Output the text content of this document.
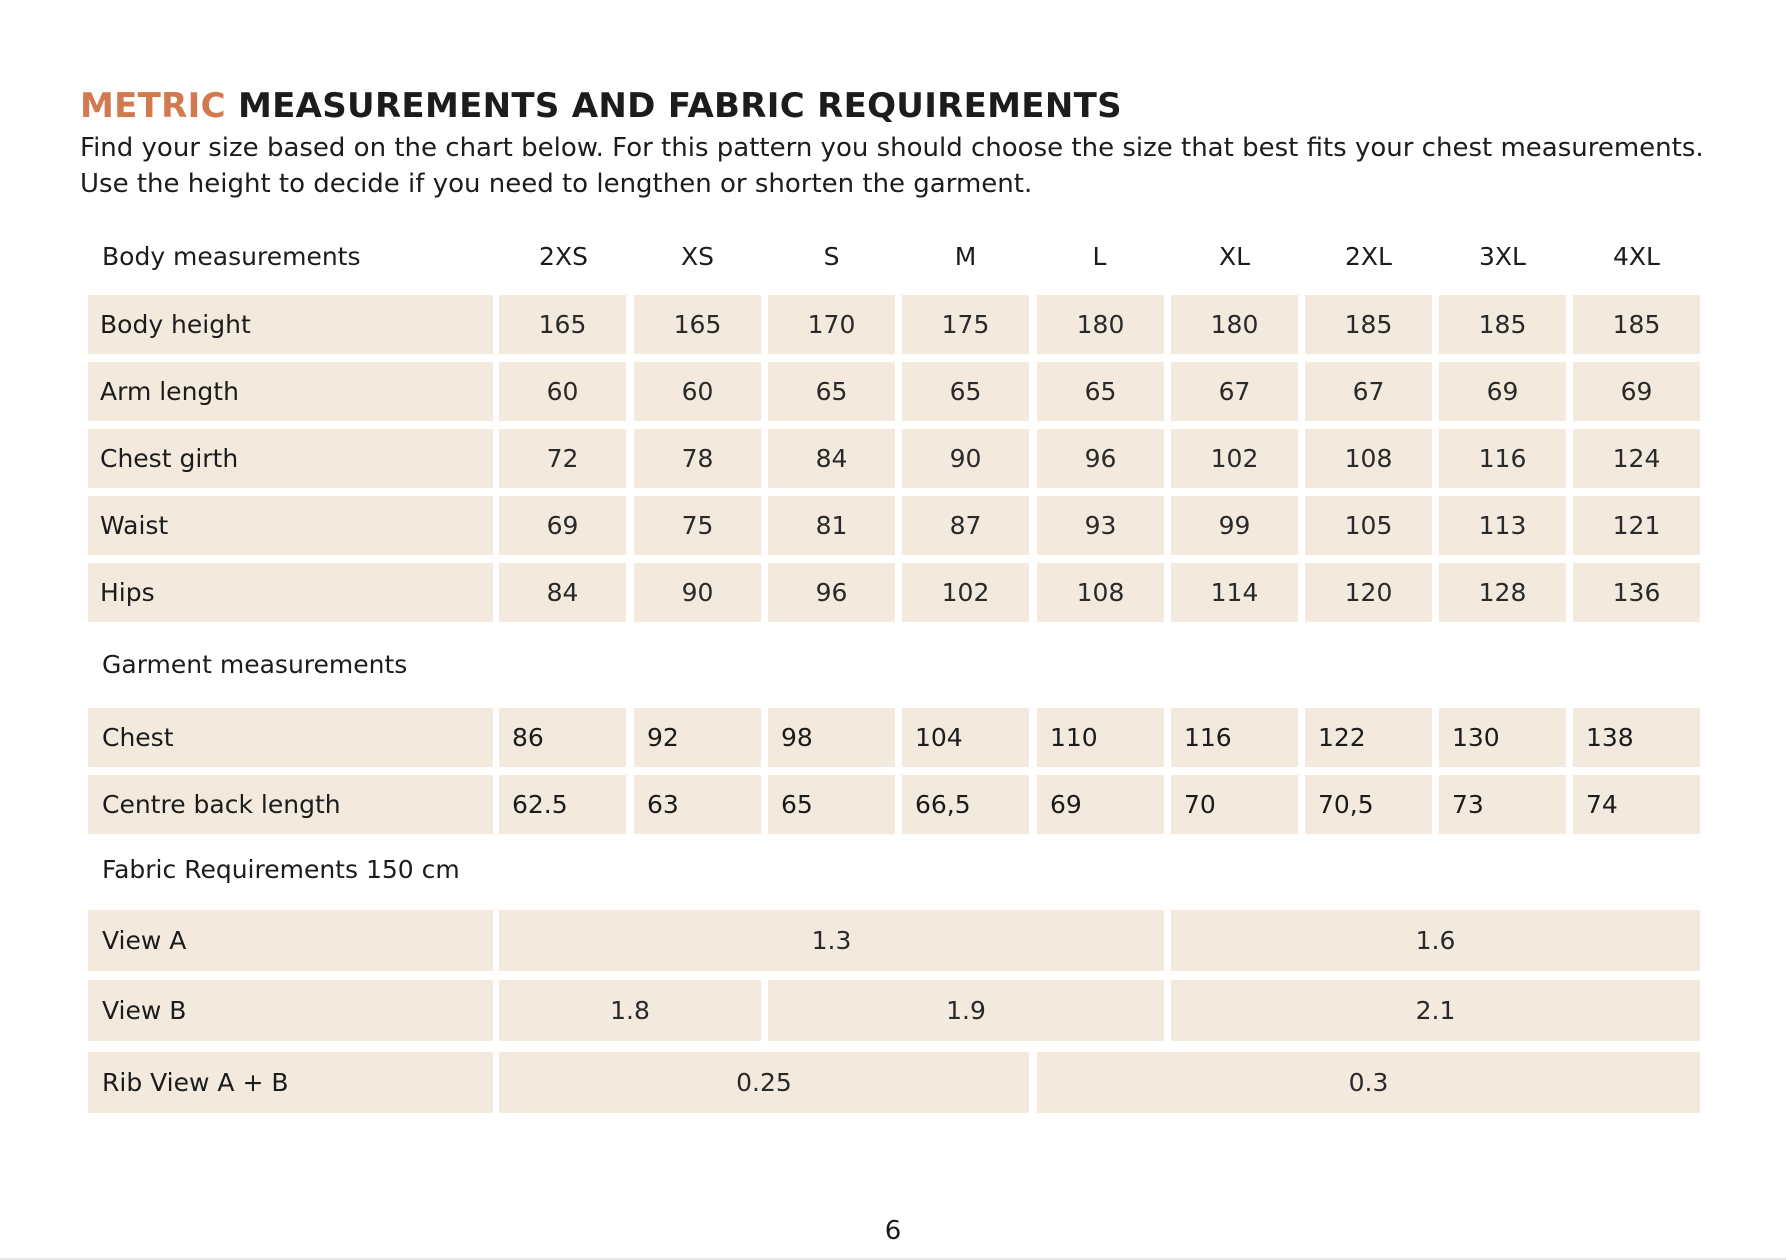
METRIC MEASUREMENTS AND FABRIC REQUIREMENTS
Find your size based on the chart below. For this pattern you should choose the size that best fits your chest measurements. Use the height to decide if you need to lengthen or shorten the garment.
Body measurements	2XS	XS	S	M	L	XL	2XL	3XL	4XL
Body height	165	165	170	175	180	180	185	185	185
Arm length	60	60	65	65	65	67	67	69	69
Chest girth	72	78	84	90	96	102	108	116	124
Waist	69	75	81	87	93	99	105	113	121
Hips	84	90	96	102	108	114	120	128	136
Garment measurements
Chest	86	92	98	104	110	116	122	130	138
Centre back length	62.5	63	65	66,5	69	70	70,5	73	74
Fabric Requirements 150 cm
View A	1.3	1.6
View B	1.8	1.9	2.1
Rib View A + B	0.25	0.3
6
